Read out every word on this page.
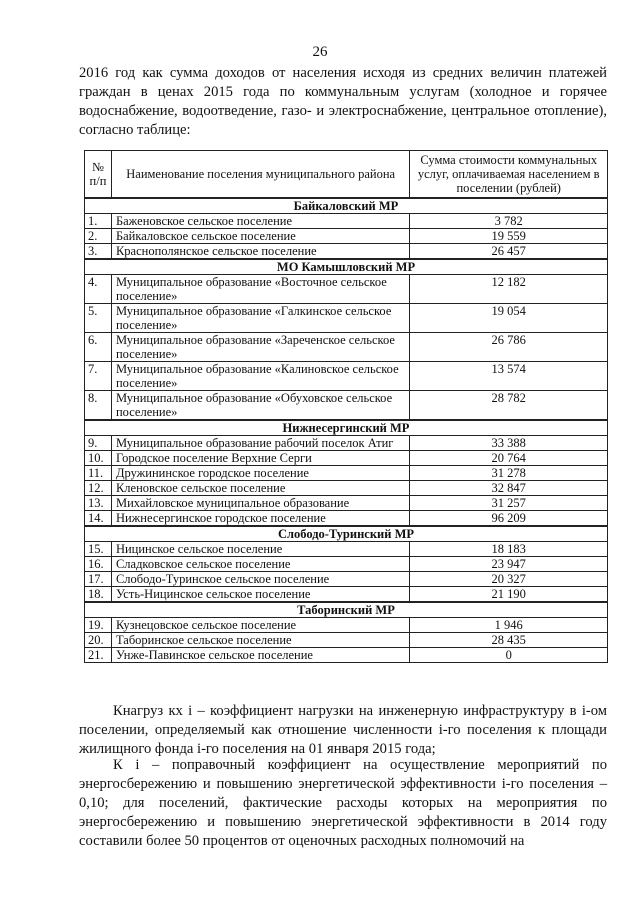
26

2016 год как сумма доходов от населения исходя из средних величин платежей граждан в ценах 2015 года по коммунальным услугам (холодное и горячее водоснабжение, водоотведение, газо- и электроснабжение, центральное отопление), согласно таблице:

№ п/п	Наименование поселения муниципального района	Сумма стоимости коммунальных услуг, оплачиваемая населением в поселении (рублей)
Байкаловский МР		
1.	Баженовское сельское поселение	3 782
2.	Байкаловское сельское поселение	19 559
3.	Краснополянское сельское поселение	26 457
МО Камышловский МР		
4.	Муниципальное образование «Восточное сельское поселение»	12 182
5.	Муниципальное образование «Галкинское сельское поселение»	19 054
6.	Муниципальное образование «Зареченское сельское поселение»	26 786
7.	Муниципальное образование «Калиновское сельское поселение»	13 574
8.	Муниципальное образование «Обуховское сельское поселение»	28 782
Нижнесергинский МР		
9.	Муниципальное образование рабочий поселок Атиг	33 388
10.	Городское поселение Верхние Серги	20 764
11.	Дружининское городское поселение	31 278
12.	Кленовское сельское поселение	32 847
13.	Михайловское муниципальное образование	31 257
14.	Нижнесергинское городское поселение	96 209
Слободо-Туринский МР		
15.	Ницинское сельское поселение	18 183
16.	Сладковское сельское поселение	23 947
17.	Слободо-Туринское сельское поселение	20 327
18.	Усть-Ницинское сельское поселение	21 190
Таборинский МР		
19.	Кузнецовское сельское поселение	1 946
20.	Таборинское сельское поселение	28 435
21.	Унже-Павинское сельское поселение	0

Кнагруз кх i – коэффициент нагрузки на инженерную инфраструктуру в i-ом поселении, определяемый как отношение численности i-го поселения к площади жилищного фонда i-го поселения на 01 января 2015 года;

К i – поправочный коэффициент на осуществление мероприятий по энергосбережению и повышению энергетической эффективности i-го поселения – 0,10; для поселений, фактические расходы которых на мероприятия по энергосбережению и повышению энергетической эффективности в 2014 году составили более 50 процентов от оценочных расходных полномочий на
